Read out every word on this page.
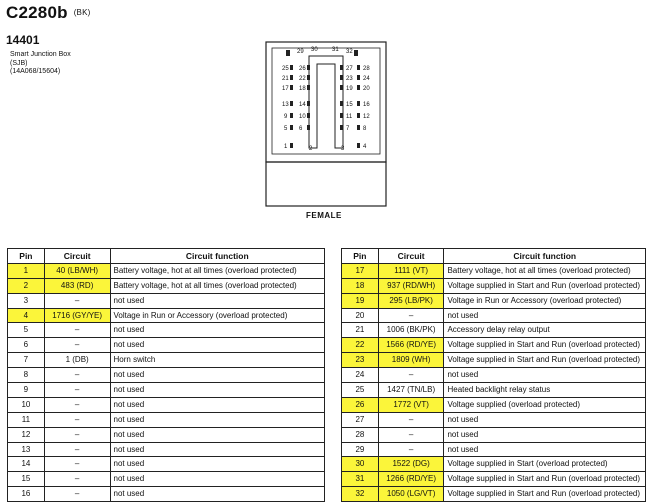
C2280b (BK)
14401
Smart Junction Box
(SJB)
(14A068/15604)
29 30 31 32
25 26	27 28
21 22	23 24
17 18	19 20
13 14	15 16
9 10	11 12
5 6	7 8
1	2	3	4
FEMALE
Pin	Circuit	Circuit function
1	40 (LB/WH)	Battery voltage, hot at all times (overload protected)
2	483 (RD)	Battery voltage, hot at all times (overload protected)
3	–	not used
4	1716 (GY/YE)	Voltage in Run or Accessory (overload protected)
5	–	not used
6	–	not used
7	1 (DB)	Horn switch
8	–	not used
9	–	not used
10	–	not used
11	–	not used
12	–	not used
13	–	not used
14	–	not used
15	–	not used
16	–	not used
Pin	Circuit	Circuit function
17	1111 (VT)	Battery voltage, hot at all times (overload protected)
18	937 (RD/WH)	Voltage supplied in Start and Run (overload protected)
19	295 (LB/PK)	Voltage in Run or Accessory (overload protected)
20	–	not used
21	1006 (BK/PK)	Accessory delay relay output
22	1566 (RD/YE)	Voltage supplied in Start and Run (overload protected)
23	1809 (WH)	Voltage supplied in Start and Run (overload protected)
24	–	not used
25	1427 (TN/LB)	Heated backlight relay status
26	1772 (VT)	Voltage supplied (overload protected)
27	–	not used
28	–	not used
29	–	not used
30	1522 (DG)	Voltage supplied in Start (overload protected)
31	1266 (RD/YE)	Voltage supplied in Start and Run (overload protected)
32	1050 (LG/VT)	Voltage supplied in Start and Run (overload protected)
